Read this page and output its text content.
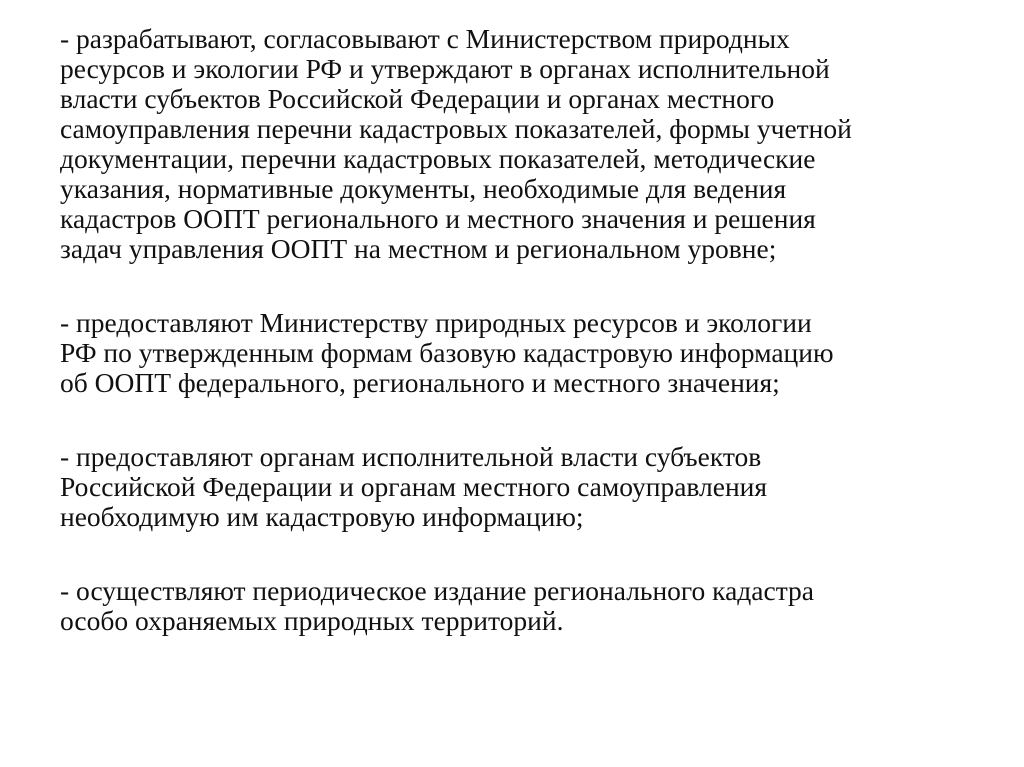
- разрабатывают, согласовывают с Министерством природных
ресурсов и экологии РФ и утверждают в органах исполнительной
власти субъектов Российской Федерации и органах местного
самоуправления перечни кадастровых показателей, формы учетной
документации, перечни кадастровых показателей, методические
указания, нормативные документы, необходимые для ведения
кадастров ООПТ регионального и местного значения и решения
задач управления ООПТ на местном и региональном уровне;

- предоставляют Министерству природных ресурсов и экологии
РФ по утвержденным формам базовую кадастровую информацию
об ООПТ федерального, регионального и местного значения;

- предоставляют органам исполнительной власти субъектов
Российской Федерации и органам местного самоуправления
необходимую им кадастровую информацию;

- осуществляют периодическое издание регионального кадастра
особо охраняемых природных территорий.
